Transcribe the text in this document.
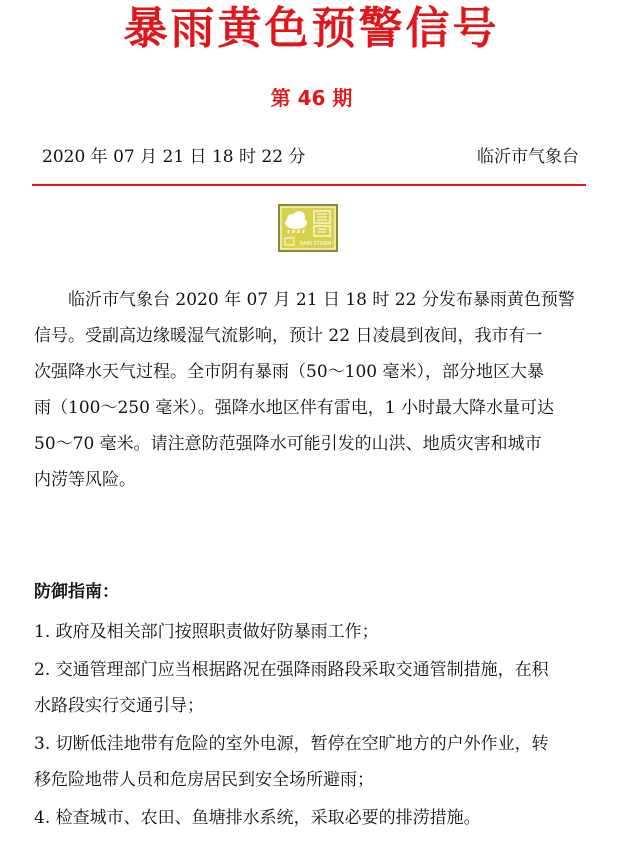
暴雨黄色预警信号
第 46 期
2020 年 07 月 21 日 18 时 22 分	临沂市气象台
RAIN STORM
临沂市气象台 2020 年 07 月 21 日 18 时 22 分发布暴雨黄色预警
信号。受副高边缘暖湿气流影响，预计 22 日凌晨到夜间，我市有一
次强降水天气过程。全市阴有暴雨（50～100 毫米），部分地区大暴
雨（100～250 毫米）。强降水地区伴有雷电，1 小时最大降水量可达
50～70 毫米。请注意防范强降水可能引发的山洪、地质灾害和城市
内涝等风险。
防御指南：
1. 政府及相关部门按照职责做好防暴雨工作；
2. 交通管理部门应当根据路况在强降雨路段采取交通管制措施，在积
水路段实行交通引导；
3. 切断低洼地带有危险的室外电源，暂停在空旷地方的户外作业，转
移危险地带人员和危房居民到安全场所避雨；
4. 检查城市、农田、鱼塘排水系统，采取必要的排涝措施。
